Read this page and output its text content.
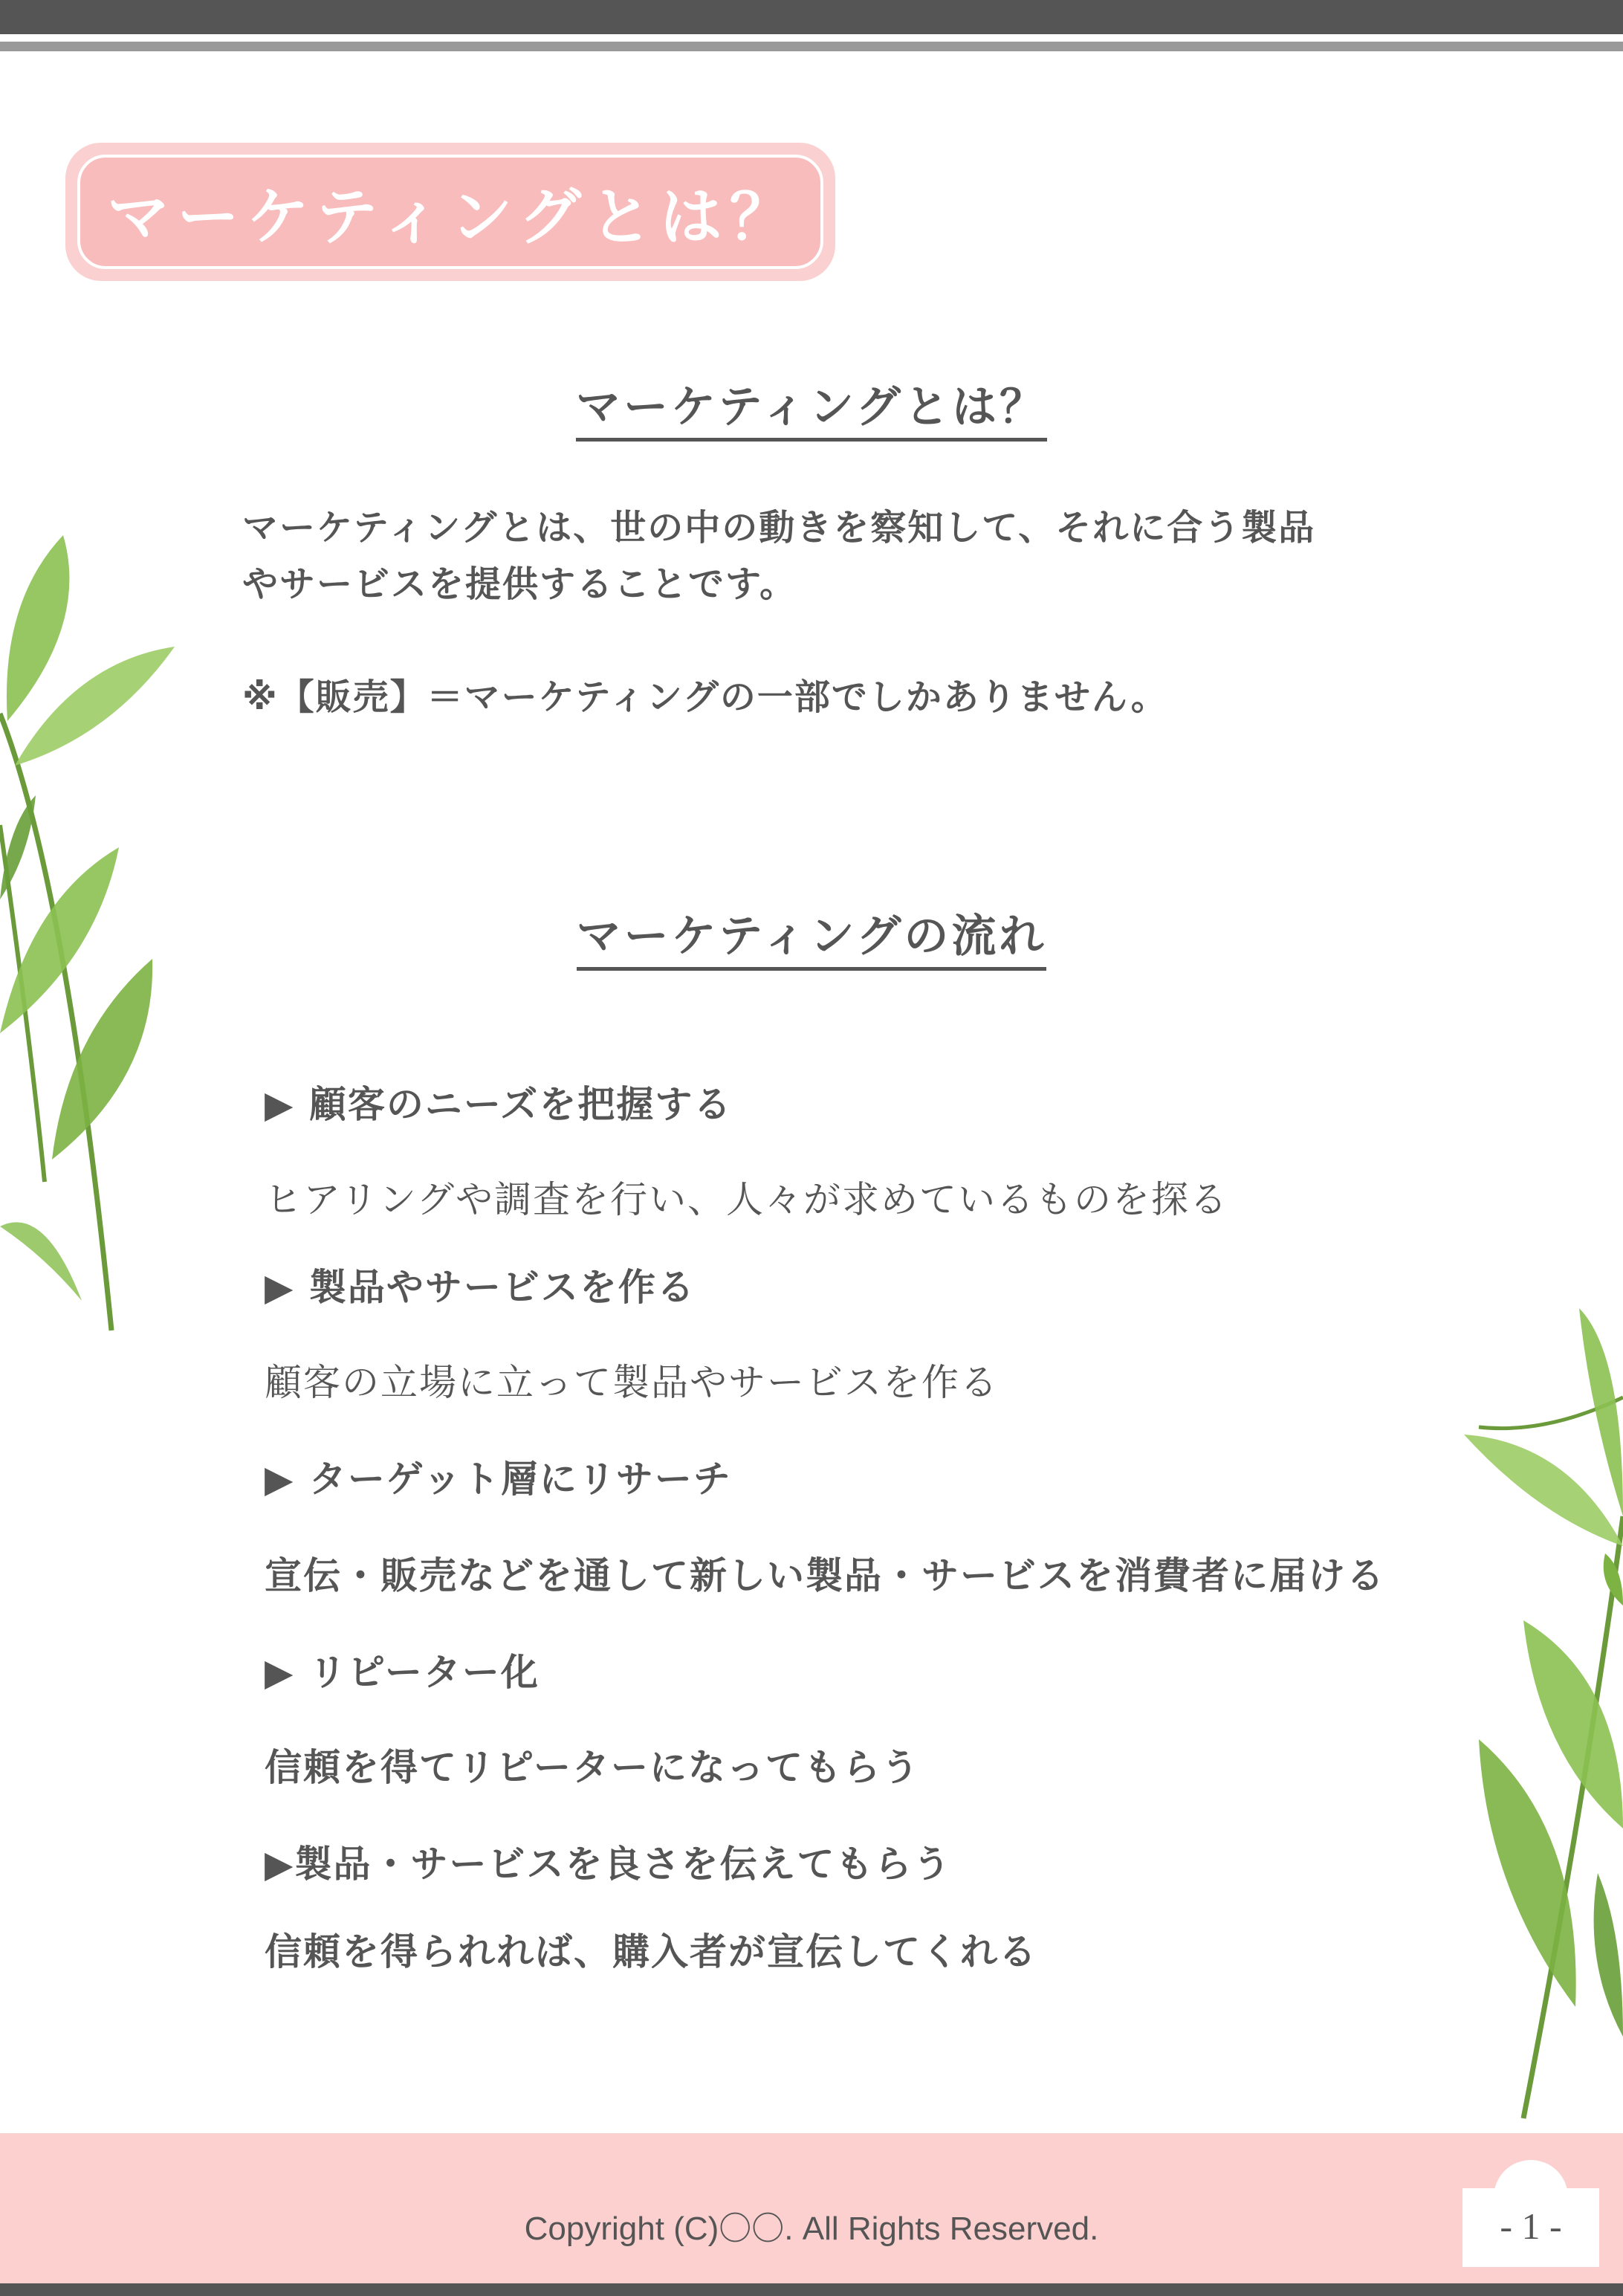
マーケティングとは？
マーケティングとは？
マーケティングとは、世の中の動きを察知して、それに合う製品
やサービスを提供することです。
※【販売】＝マーケティングの一部でしかありません。
マーケティングの流れ
▶ 顧客のニーズを把握する
ヒアリングや調査を行い、人々が求めているものを探る
▶ 製品やサービスを作る
顧客の立場に立って製品やサービスを作る
▶ ターゲット層にリサーチ
宣伝・販売などを通して新しい製品・サービスを消費者に届ける
▶ リピーター化
信頼を得てリピーターになってもらう
▶製品・サービスを良さを伝えてもらう
信頼を得られれば、購入者が宣伝してくれる
Copyright (C)〇〇. All Rights Reserved.	- 1 -
